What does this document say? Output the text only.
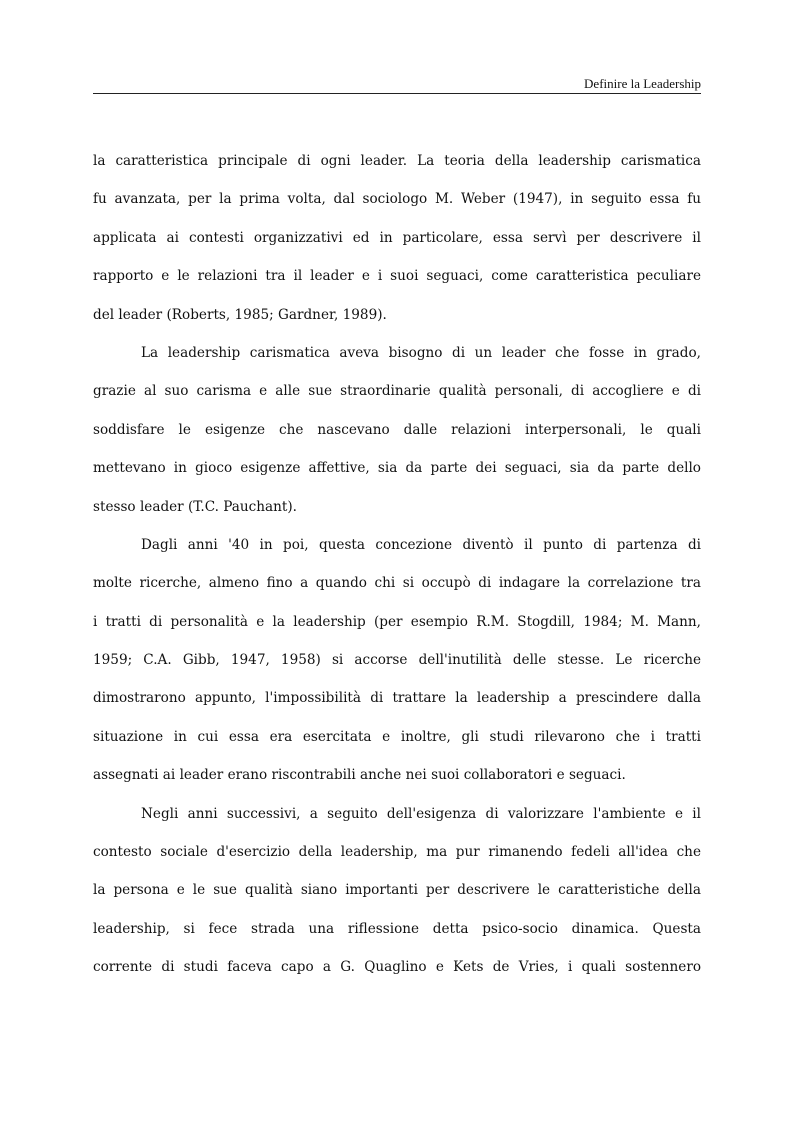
Definire la Leadership

la caratteristica principale di ogni leader. La teoria della leadership carismatica
fu avanzata, per la prima volta, dal sociologo M. Weber (1947), in seguito essa fu
applicata ai contesti organizzativi ed in particolare, essa servì per descrivere il
rapporto e le relazioni tra il leader e i suoi seguaci, come caratteristica peculiare
del leader (Roberts, 1985; Gardner, 1989).

La leadership carismatica aveva bisogno di un leader che fosse in grado,
grazie al suo carisma e alle sue straordinarie qualità personali, di accogliere e di
soddisfare le esigenze che nascevano dalle relazioni interpersonali, le quali
mettevano in gioco esigenze affettive, sia da parte dei seguaci, sia da parte dello
stesso leader (T.C. Pauchant).

Dagli anni '40 in poi, questa concezione diventò il punto di partenza di
molte ricerche, almeno fino a quando chi si occupò di indagare la correlazione tra
i tratti di personalità e la leadership (per esempio R.M. Stogdill, 1984; M. Mann,
1959; C.A. Gibb, 1947, 1958) si accorse dell'inutilità delle stesse. Le ricerche
dimostrarono appunto, l'impossibilità di trattare la leadership a prescindere dalla
situazione in cui essa era esercitata e inoltre, gli studi rilevarono che i tratti
assegnati ai leader erano riscontrabili anche nei suoi collaboratori e seguaci.

Negli anni successivi, a seguito dell'esigenza di valorizzare l'ambiente e il
contesto sociale d'esercizio della leadership, ma pur rimanendo fedeli all'idea che
la persona e le sue qualità siano importanti per descrivere le caratteristiche della
leadership, si fece strada una riflessione detta psico-socio dinamica. Questa
corrente di studi faceva capo a G. Quaglino e Kets de Vries, i quali sostennero
